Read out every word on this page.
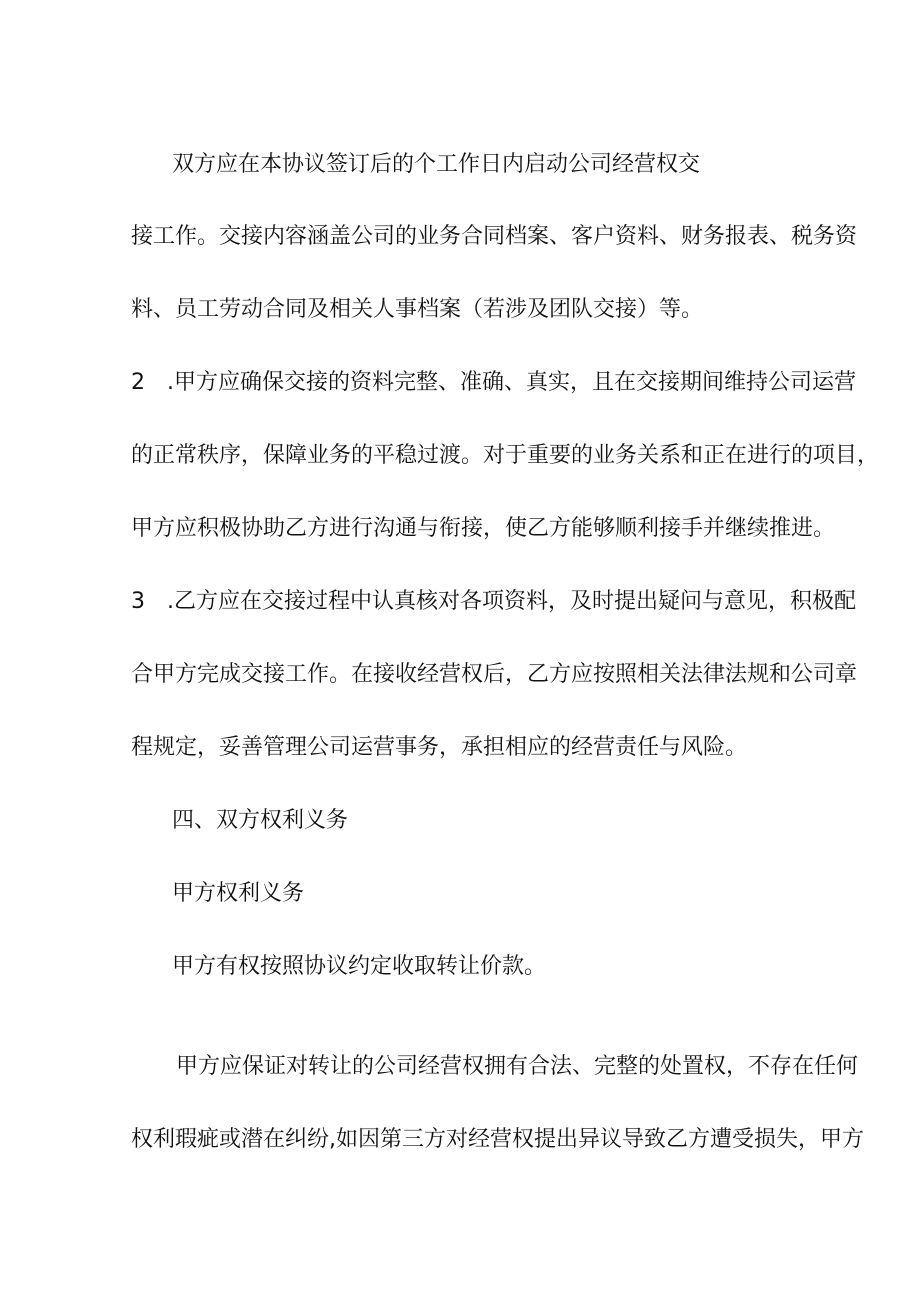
双方应在本协议签订后的个工作日内启动公司经营权交
接工作。交接内容涵盖公司的业务合同档案、客户资料、财务报表、税务资
料、员工劳动合同及相关人事档案（若涉及团队交接）等。
2　.甲方应确保交接的资料完整、准确、真实，且在交接期间维持公司运营
的正常秩序，保障业务的平稳过渡。对于重要的业务关系和正在进行的项目，
甲方应积极协助乙方进行沟通与衔接，使乙方能够顺利接手并继续推进。
3　.乙方应在交接过程中认真核对各项资料，及时提出疑问与意见，积极配
合甲方完成交接工作。在接收经营权后，乙方应按照相关法律法规和公司章
程规定，妥善管理公司运营事务，承担相应的经营责任与风险。
四、双方权利义务
甲方权利义务
甲方有权按照协议约定收取转让价款。
甲方应保证对转让的公司经营权拥有合法、完整的处置权，不存在任何
权利瑕疵或潜在纠纷,如因第三方对经营权提出异议导致乙方遭受损失，甲方
